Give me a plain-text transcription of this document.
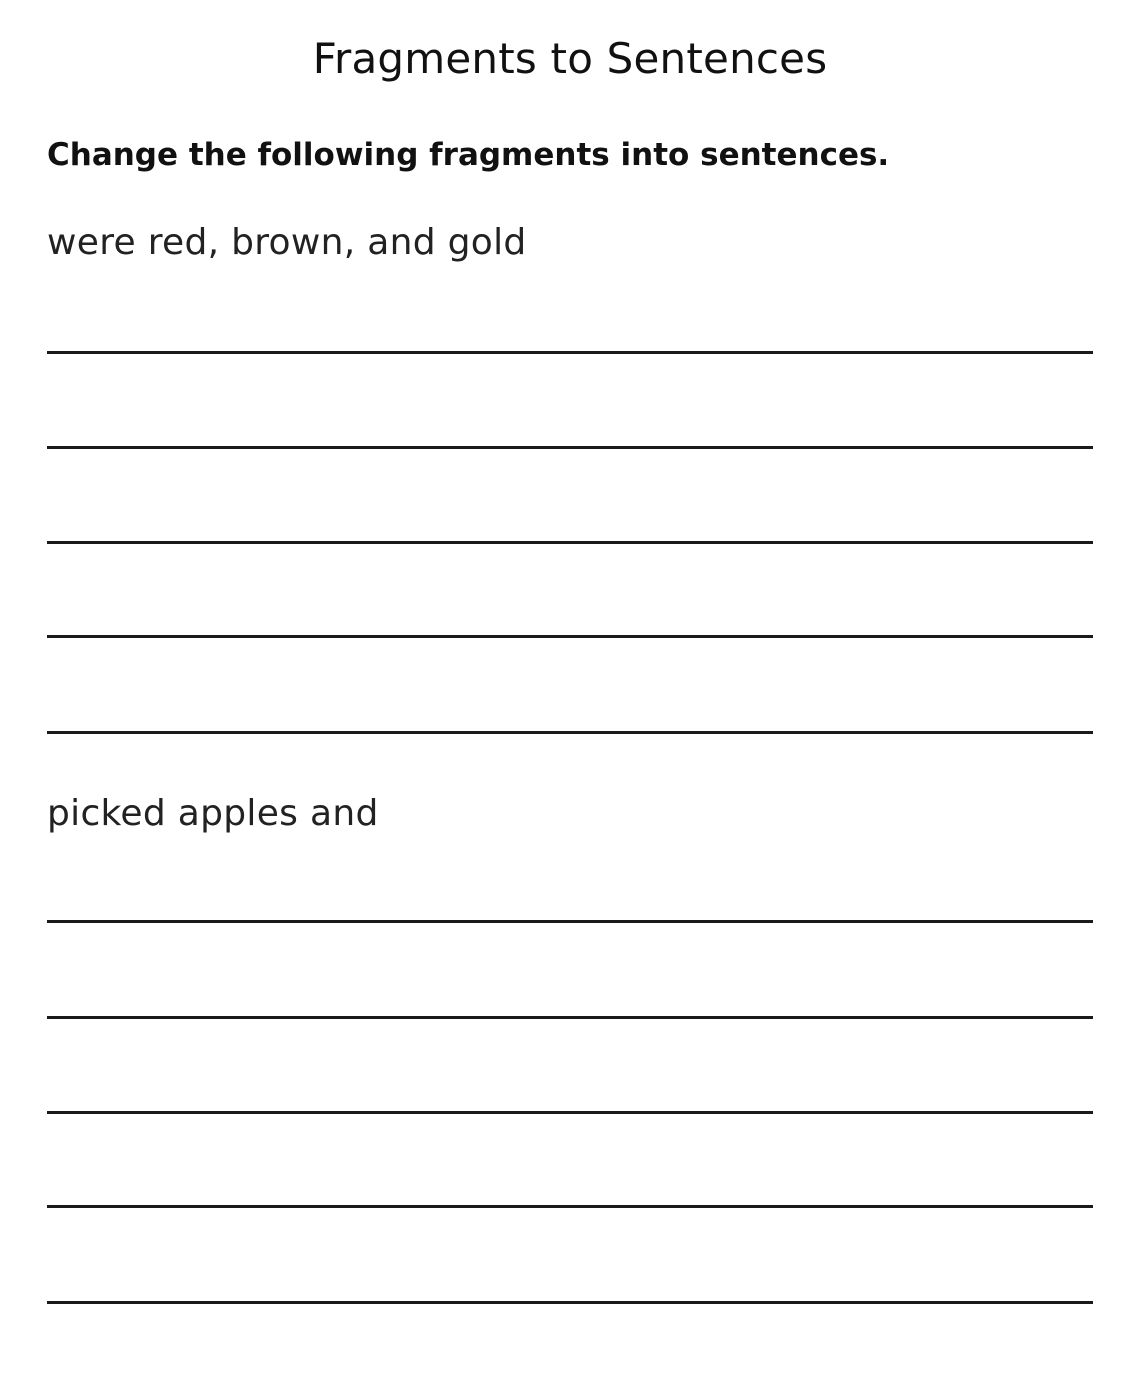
Fragments to Sentences

Change the following fragments into sentences.

were red, brown, and gold

picked apples and
